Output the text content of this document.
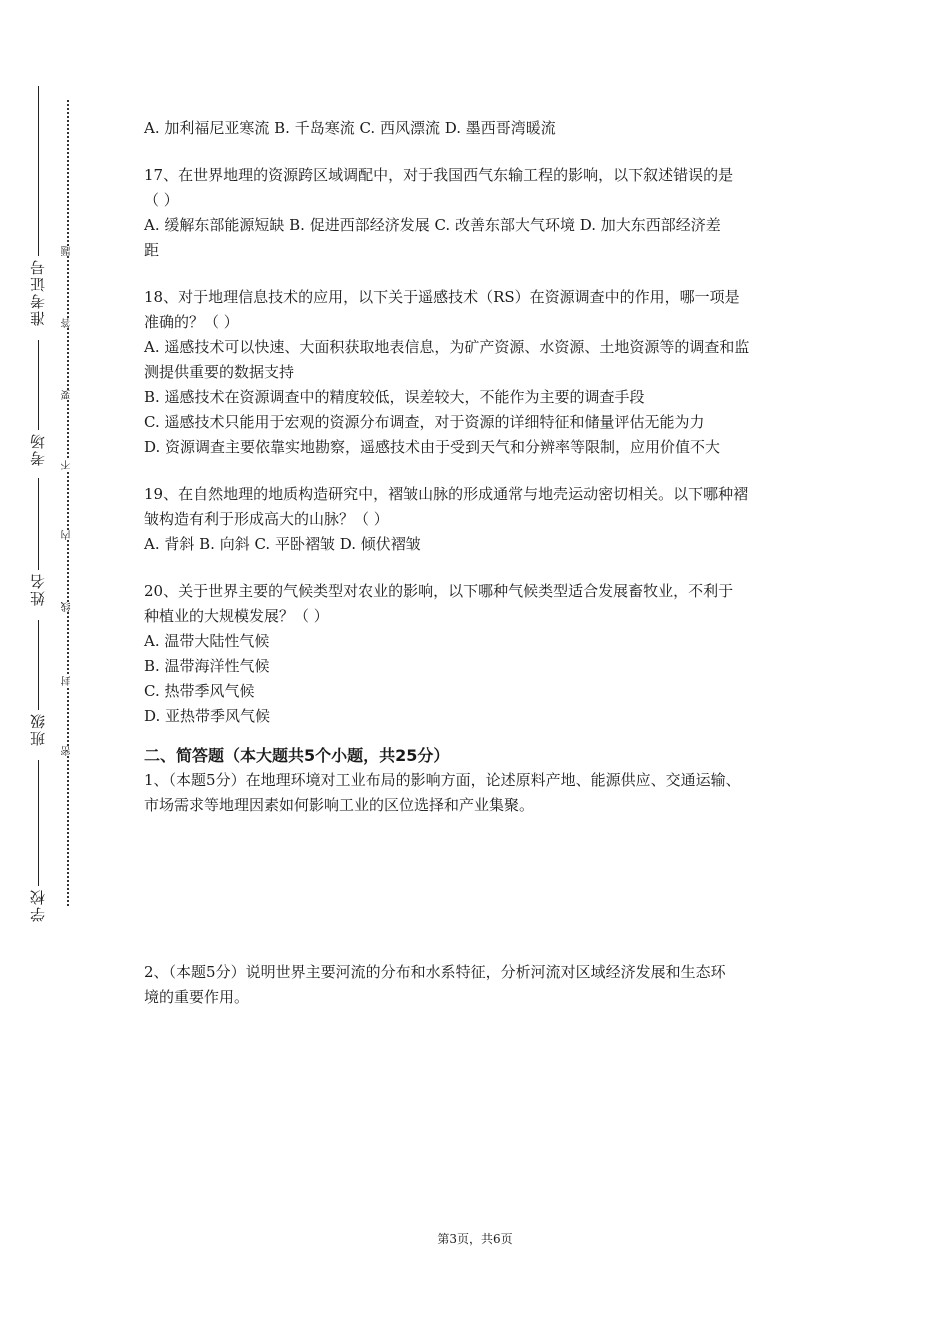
准考证号
考场
姓名
班级
学校
题
答
要
不
内
线
封
密

A. 加利福尼亚寒流 B. 千岛寒流 C. 西风漂流 D. 墨西哥湾暖流

17、在世界地理的资源跨区域调配中，对于我国西气东输工程的影响，以下叙述错误的是

（ ）

A. 缓解东部能源短缺 B. 促进西部经济发展 C. 改善东部大气环境 D. 加大东西部经济差

距

18、对于地理信息技术的应用，以下关于遥感技术（RS）在资源调查中的作用，哪一项是

准确的？（ ）

A. 遥感技术可以快速、大面积获取地表信息，为矿产资源、水资源、土地资源等的调查和监

测提供重要的数据支持

B. 遥感技术在资源调查中的精度较低，误差较大，不能作为主要的调查手段

C. 遥感技术只能用于宏观的资源分布调查，对于资源的详细特征和储量评估无能为力

D. 资源调查主要依靠实地勘察，遥感技术由于受到天气和分辨率等限制，应用价值不大

19、在自然地理的地质构造研究中，褶皱山脉的形成通常与地壳运动密切相关。以下哪种褶

皱构造有利于形成高大的山脉？（ ）

A. 背斜 B. 向斜 C. 平卧褶皱 D. 倾伏褶皱

20、关于世界主要的气候类型对农业的影响，以下哪种气候类型适合发展畜牧业，不利于

种植业的大规模发展？（ ）

A. 温带大陆性气候

B. 温带海洋性气候

C. 热带季风气候

D. 亚热带季风气候

二、简答题（本大题共5个小题，共25分）

1、（本题5分）在地理环境对工业布局的影响方面，论述原料产地、能源供应、交通运输、

市场需求等地理因素如何影响工业的区位选择和产业集聚。

2、（本题5分）说明世界主要河流的分布和水系特征，分析河流对区域经济发展和生态环

境的重要作用。

第3页，共6页
